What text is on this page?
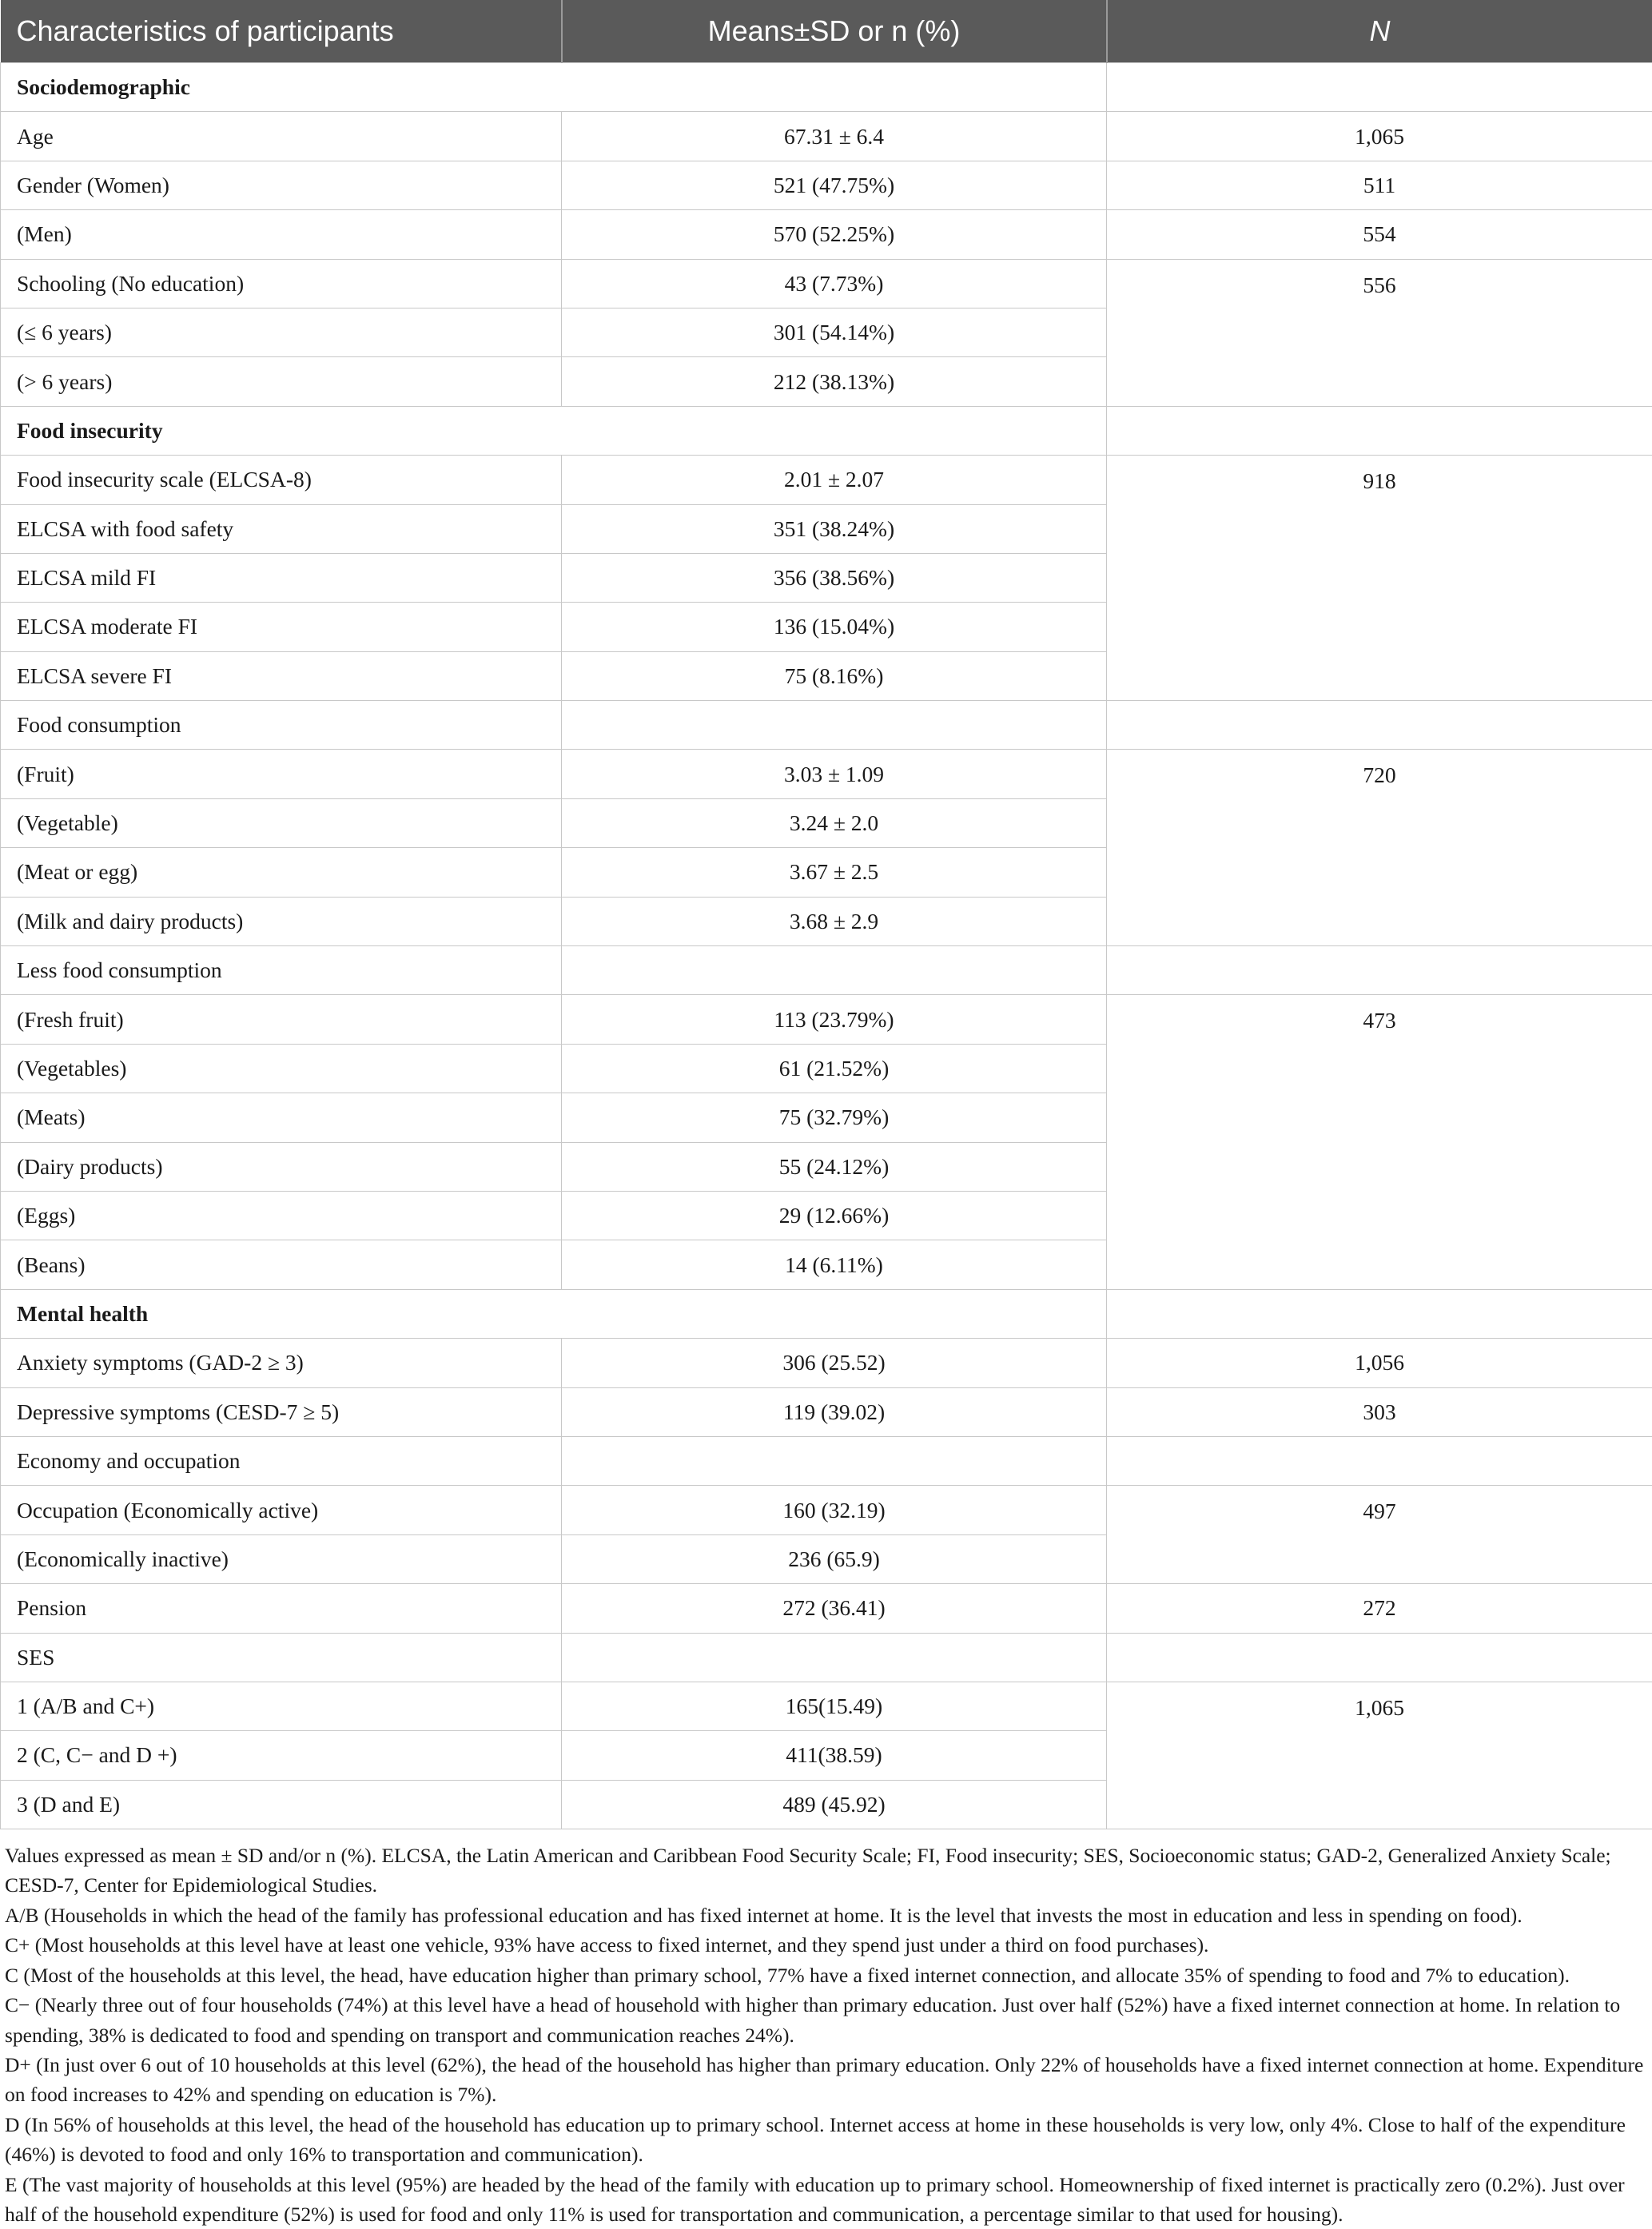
Characteristics of participants	Means±SD or n (%)	N
Sociodemographic		
Age	67.31 ± 6.4	1,065
Gender (Women)	521 (47.75%)	511
(Men)	570 (52.25%)	554
Schooling (No education)	43 (7.73%)	556
(≤ 6 years)	301 (54.14%)	
(> 6 years)	212 (38.13%)	
Food insecurity		
Food insecurity scale (ELCSA-8)	2.01 ± 2.07	918
ELCSA with food safety	351 (38.24%)	
ELCSA mild FI	356 (38.56%)	
ELCSA moderate FI	136 (15.04%)	
ELCSA severe FI	75 (8.16%)	
Food consumption		
(Fruit)	3.03 ± 1.09	720
(Vegetable)	3.24 ± 2.0	
(Meat or egg)	3.67 ± 2.5	
(Milk and dairy products)	3.68 ± 2.9	
Less food consumption		
(Fresh fruit)	113 (23.79%)	473
(Vegetables)	61 (21.52%)	
(Meats)	75 (32.79%)	
(Dairy products)	55 (24.12%)	
(Eggs)	29 (12.66%)	
(Beans)	14 (6.11%)	
Mental health		
Anxiety symptoms (GAD-2 ≥ 3)	306 (25.52)	1,056
Depressive symptoms (CESD-7 ≥ 5)	119 (39.02)	303
Economy and occupation		
Occupation (Economically active)	160 (32.19)	497
(Economically inactive)	236 (65.9)	
Pension	272 (36.41)	272
SES		
1 (A/B and C+)	165(15.49)	1,065
2 (C, C− and D +)	411(38.59)	
3 (D and E)	489 (45.92)	

Values expressed as mean ± SD and/or n (%). ELCSA, the Latin American and Caribbean Food Security Scale; FI, Food insecurity; SES, Socioeconomic status; GAD-2, Generalized Anxiety Scale; CESD-7, Center for Epidemiological Studies.

A/B (Households in which the head of the family has professional education and has fixed internet at home. It is the level that invests the most in education and less in spending on food).

C+ (Most households at this level have at least one vehicle, 93% have access to fixed internet, and they spend just under a third on food purchases).

C (Most of the households at this level, the head, have education higher than primary school, 77% have a fixed internet connection, and allocate 35% of spending to food and 7% to education).

C− (Nearly three out of four households (74%) at this level have a head of household with higher than primary education. Just over half (52%) have a fixed internet connection at home. In relation to spending, 38% is dedicated to food and spending on transport and communication reaches 24%).

D+ (In just over 6 out of 10 households at this level (62%), the head of the household has higher than primary education. Only 22% of households have a fixed internet connection at home. Expenditure on food increases to 42% and spending on education is 7%).

D (In 56% of households at this level, the head of the household has education up to primary school. Internet access at home in these households is very low, only 4%. Close to half of the expenditure (46%) is devoted to food and only 16% to transportation and communication).

E (The vast majority of households at this level (95%) are headed by the head of the family with education up to primary school. Homeownership of fixed internet is practically zero (0.2%). Just over half of the household expenditure (52%) is used for food and only 11% is used for transportation and communication, a percentage similar to that used for housing).
